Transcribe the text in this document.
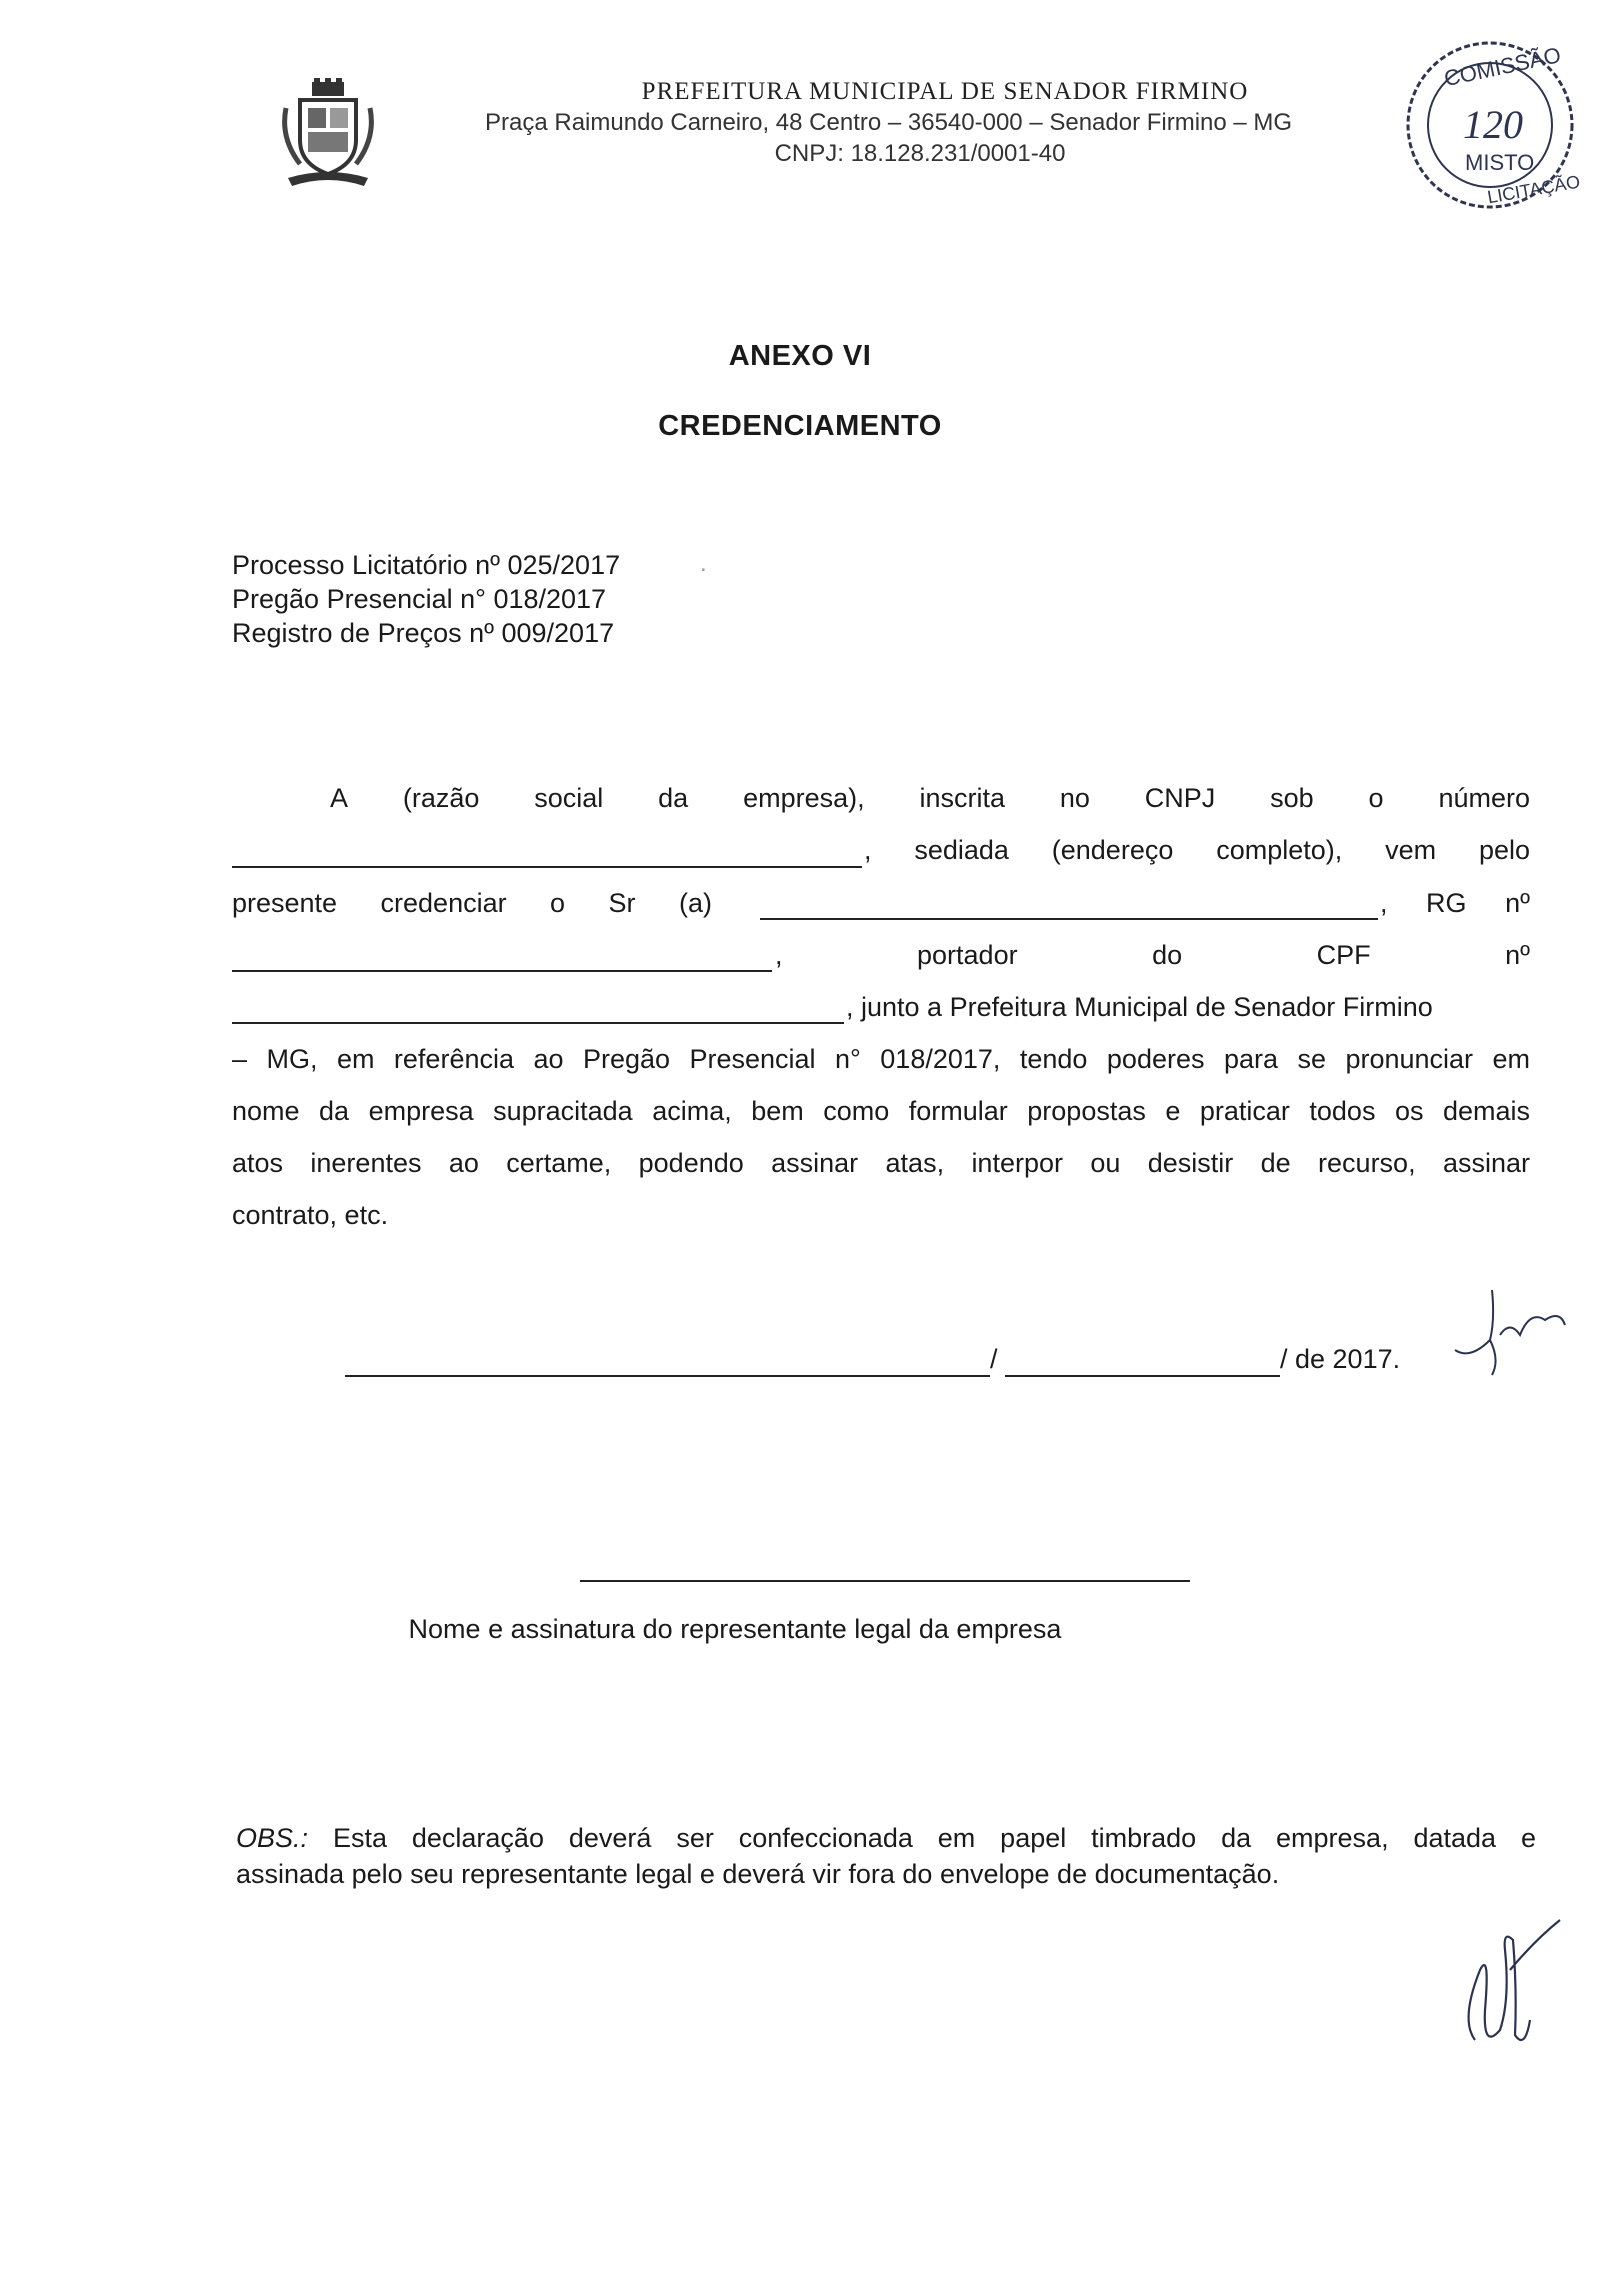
PREFEITURA MUNICIPAL DE SENADOR FIRMINO
Praça Raimundo Carneiro, 48 Centro – 36540-000 – Senador Firmino – MG
CNPJ: 18.128.231/0001-40
COMISSÃO
120
MISTO
LICITAÇÃO
ANEXO VI
CREDENCIAMENTO
Processo Licitatório nº 025/2017
Pregão Presencial n° 018/2017
Registro de Preços nº 009/2017
.
A (razão social da empresa), inscrita no CNPJ sob o número
, sediada (endereço completo), vem pelo
presente credenciar o Sr (a)	, RG nº
, portador do CPF nº
, junto a Prefeitura Municipal de Senador Firmino
– MG, em referência ao Pregão Presencial n° 018/2017, tendo poderes para se pronunciar em
nome da empresa supracitada acima, bem como formular propostas e praticar todos os demais
atos inerentes ao certame, podendo assinar atas, interpor ou desistir de recurso, assinar
contrato, etc.
/	/ de 2017.
Nome e assinatura do representante legal da empresa
OBS.: Esta declaração deverá ser confeccionada em papel timbrado da empresa, datada e
assinada pelo seu representante legal e deverá vir fora do envelope de documentação.
